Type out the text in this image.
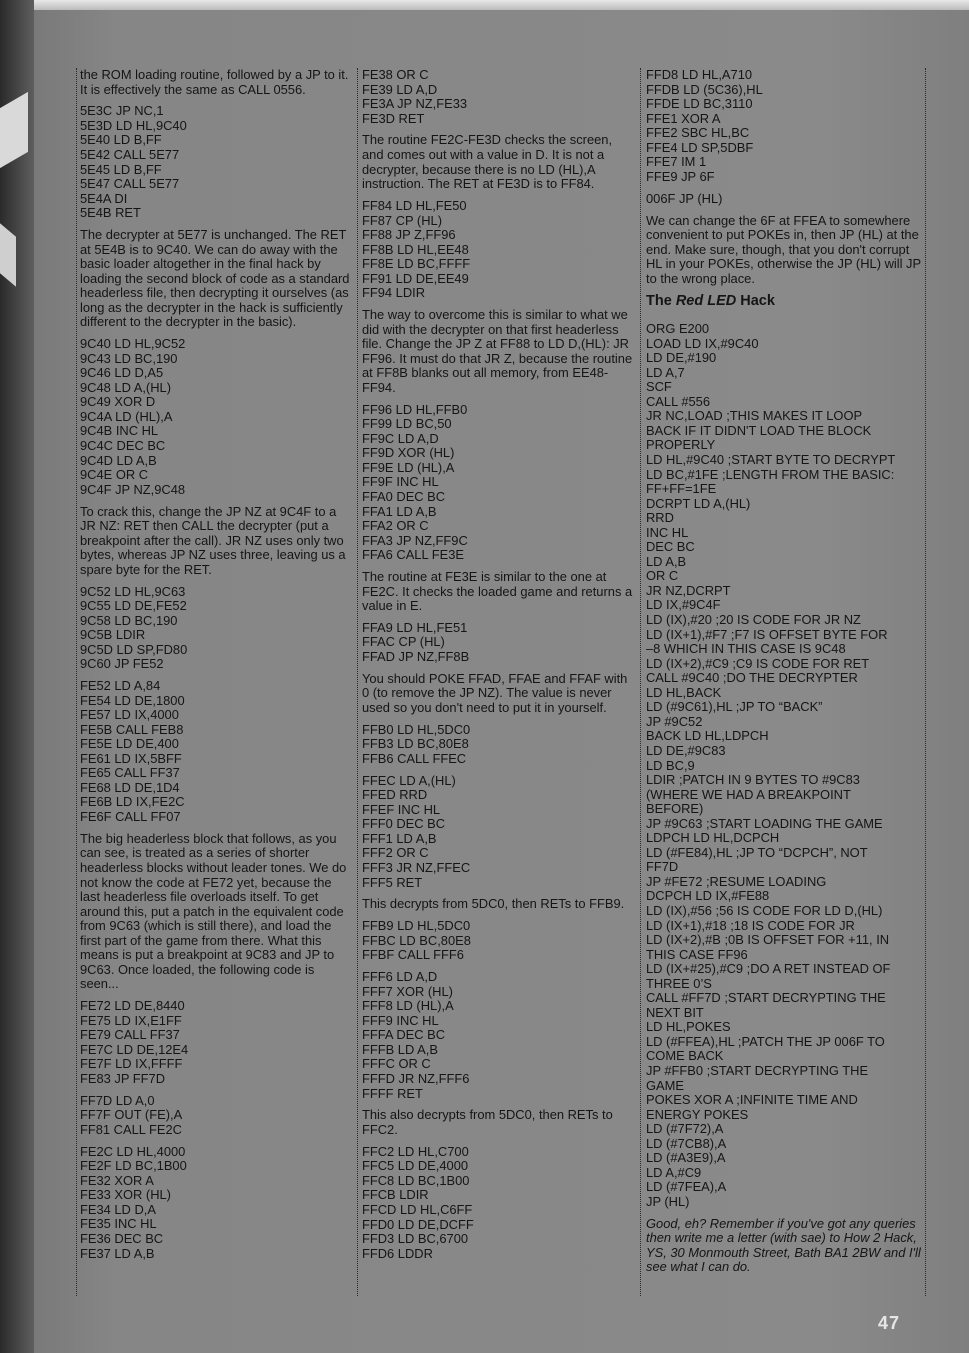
the ROM loading routine, followed by a JP to it. It is effectively the same as CALL 0556.
5E3C JP NC,1
5E3D LD HL,9C40
5E40 LD B,FF
5E42 CALL 5E77
5E45 LD B,FF
5E47 CALL 5E77
5E4A DI
5E4B RET
The decrypter at 5E77 is unchanged. The RET at 5E4B is to 9C40. We can do away with the basic loader altogether in the final hack by loading the second block of code as a standard headerless file, then decrypting it ourselves (as long as the decrypter in the hack is sufficiently different to the decrypter in the basic).
9C40 LD HL,9C52
9C43 LD BC,190
9C46 LD D,A5
9C48 LD A,(HL)
9C49 XOR D
9C4A LD (HL),A
9C4B INC HL
9C4C DEC BC
9C4D LD A,B
9C4E OR C
9C4F JP NZ,9C48
To crack this, change the JP NZ at 9C4F to a JR NZ: RET then CALL the decrypter (put a breakpoint after the call). JR NZ uses only two bytes, whereas JP NZ uses three, leaving us a spare byte for the RET.
9C52 LD HL,9C63
9C55 LD DE,FE52
9C58 LD BC,190
9C5B LDIR
9C5D LD SP,FD80
9C60 JP FE52
FE52 LD A,84
FE54 LD DE,1800
FE57 LD IX,4000
FE5B CALL FEB8
FE5E LD DE,400
FE61 LD IX,5BFF
FE65 CALL FF37
FE68 LD DE,1D4
FE6B LD IX,FE2C
FE6F CALL FF07
The big headerless block that follows, as you can see, is treated as a series of shorter headerless blocks without leader tones. We do not know the code at FE72 yet, because the last headerless file overloads itself. To get around this, put a patch in the equivalent code from 9C63 (which is still there), and load the first part of the game from there. What this means is put a breakpoint at 9C83 and JP to 9C63. Once loaded, the following code is seen...
FE72 LD DE,8440
FE75 LD IX,E1FF
FE79 CALL FF37
FE7C LD DE,12E4
FE7F LD IX,FFFF
FE83 JP FF7D
FF7D LD A,0
FF7F OUT (FE),A
FF81 CALL FE2C
FE2C LD HL,4000
FE2F LD BC,1B00
FE32 XOR A
FE33 XOR (HL)
FE34 LD D,A
FE35 INC HL
FE36 DEC BC
FE37 LD A,B
FE38 OR C
FE39 LD A,D
FE3A JP NZ,FE33
FE3D RET
The routine FE2C-FE3D checks the screen, and comes out with a value in D. It is not a decrypter, because there is no LD (HL),A instruction. The RET at FE3D is to FF84.
FF84 LD HL,FE50
FF87 CP (HL)
FF88 JP Z,FF96
FF8B LD HL,EE48
FF8E LD BC,FFFF
FF91 LD DE,EE49
FF94 LDIR
The way to overcome this is similar to what we did with the decrypter on that first headerless file. Change the JP Z at FF88 to LD D,(HL): JR FF96. It must do that JR Z, because the routine at FF8B blanks out all memory, from EE48-FF94.
FF96 LD HL,FFB0
FF99 LD BC,50
FF9C LD A,D
FF9D XOR (HL)
FF9E LD (HL),A
FF9F INC HL
FFA0 DEC BC
FFA1 LD A,B
FFA2 OR C
FFA3 JP NZ,FF9C
FFA6 CALL FE3E
The routine at FE3E is similar to the one at FE2C. It checks the loaded game and returns a value in E.
FFA9 LD HL,FE51
FFAC CP (HL)
FFAD JP NZ,FF8B
You should POKE FFAD, FFAE and FFAF with 0 (to remove the JP NZ). The value is never used so you don't need to put it in yourself.
FFB0 LD HL,5DC0
FFB3 LD BC,80E8
FFB6 CALL FFEC
FFEC LD A,(HL)
FFED RRD
FFEF INC HL
FFF0 DEC BC
FFF1 LD A,B
FFF2 OR C
FFF3 JR NZ,FFEC
FFF5 RET
This decrypts from 5DC0, then RETs to FFB9.
FFB9 LD HL,5DC0
FFBC LD BC,80E8
FFBF CALL FFF6
FFF6 LD A,D
FFF7 XOR (HL)
FFF8 LD (HL),A
FFF9 INC HL
FFFA DEC BC
FFFB LD A,B
FFFC OR C
FFFD JR NZ,FFF6
FFFF RET
This also decrypts from 5DC0, then RETs to FFC2.
FFC2 LD HL,C700
FFC5 LD DE,4000
FFC8 LD BC,1B00
FFCB LDIR
FFCD LD HL,C6FF
FFD0 LD DE,DCFF
FFD3 LD BC,6700
FFD6 LDDR
FFD8 LD HL,A710
FFDB LD (5C36),HL
FFDE LD BC,3110
FFE1 XOR A
FFE2 SBC HL,BC
FFE4 LD SP,5DBF
FFE7 IM 1
FFE9 JP 6F
006F JP (HL)
We can change the 6F at FFEA to somewhere convenient to put POKEs in, then JP (HL) at the end. Make sure, though, that you don't corrupt HL in your POKEs, otherwise the JP (HL) will JP to the wrong place.
The Red LED Hack
ORG E200
LOAD LD IX,#9C40
LD DE,#190
LD A,7
SCF
CALL #556
JR NC,LOAD ;THIS MAKES IT LOOP
BACK IF IT DIDN'T LOAD THE BLOCK
PROPERLY
LD HL,#9C40 ;START BYTE TO DECRYPT
LD BC,#1FE ;LENGTH FROM THE BASIC:
FF+FF=1FE
DCRPT LD A,(HL)
RRD
INC HL
DEC BC
LD A,B
OR C
JR NZ,DCRPT
LD IX,#9C4F
LD (IX),#20 ;20 IS CODE FOR JR NZ
LD (IX+1),#F7 ;F7 IS OFFSET BYTE FOR
–8 WHICH IN THIS CASE IS 9C48
LD (IX+2),#C9 ;C9 IS CODE FOR RET
CALL #9C40 ;DO THE DECRYPTER
LD HL,BACK
LD (#9C61),HL ;JP TO “BACK”
JP #9C52
BACK LD HL,LDPCH
LD DE,#9C83
LD BC,9
LDIR ;PATCH IN 9 BYTES TO #9C83
(WHERE WE HAD A BREAKPOINT
BEFORE)
JP #9C63 ;START LOADING THE GAME
LDPCH LD HL,DCPCH
LD (#FE84),HL ;JP TO “DCPCH”, NOT
FF7D
JP #FE72 ;RESUME LOADING
DCPCH LD IX,#FE88
LD (IX),#56 ;56 IS CODE FOR LD D,(HL)
LD (IX+1),#18 ;18 IS CODE FOR JR
LD (IX+2),#B ;0B IS OFFSET FOR +11, IN
THIS CASE FF96
LD (IX+#25),#C9 ;DO A RET INSTEAD OF
THREE 0’S
CALL #FF7D ;START DECRYPTING THE
NEXT BIT
LD HL,POKES
LD (#FFEA),HL ;PATCH THE JP 006F TO
COME BACK
JP #FFB0 ;START DECRYPTING THE
GAME
POKES XOR A ;INFINITE TIME AND
ENERGY POKES
LD (#7F72),A
LD (#7CB8),A
LD (#A3E9),A
LD A,#C9
LD (#7FEA),A
JP (HL)
Good, eh? Remember if you've got any queries then write me a letter (with sae) to How 2 Hack, YS, 30 Monmouth Street, Bath BA1 2BW and I'll see what I can do.
47
